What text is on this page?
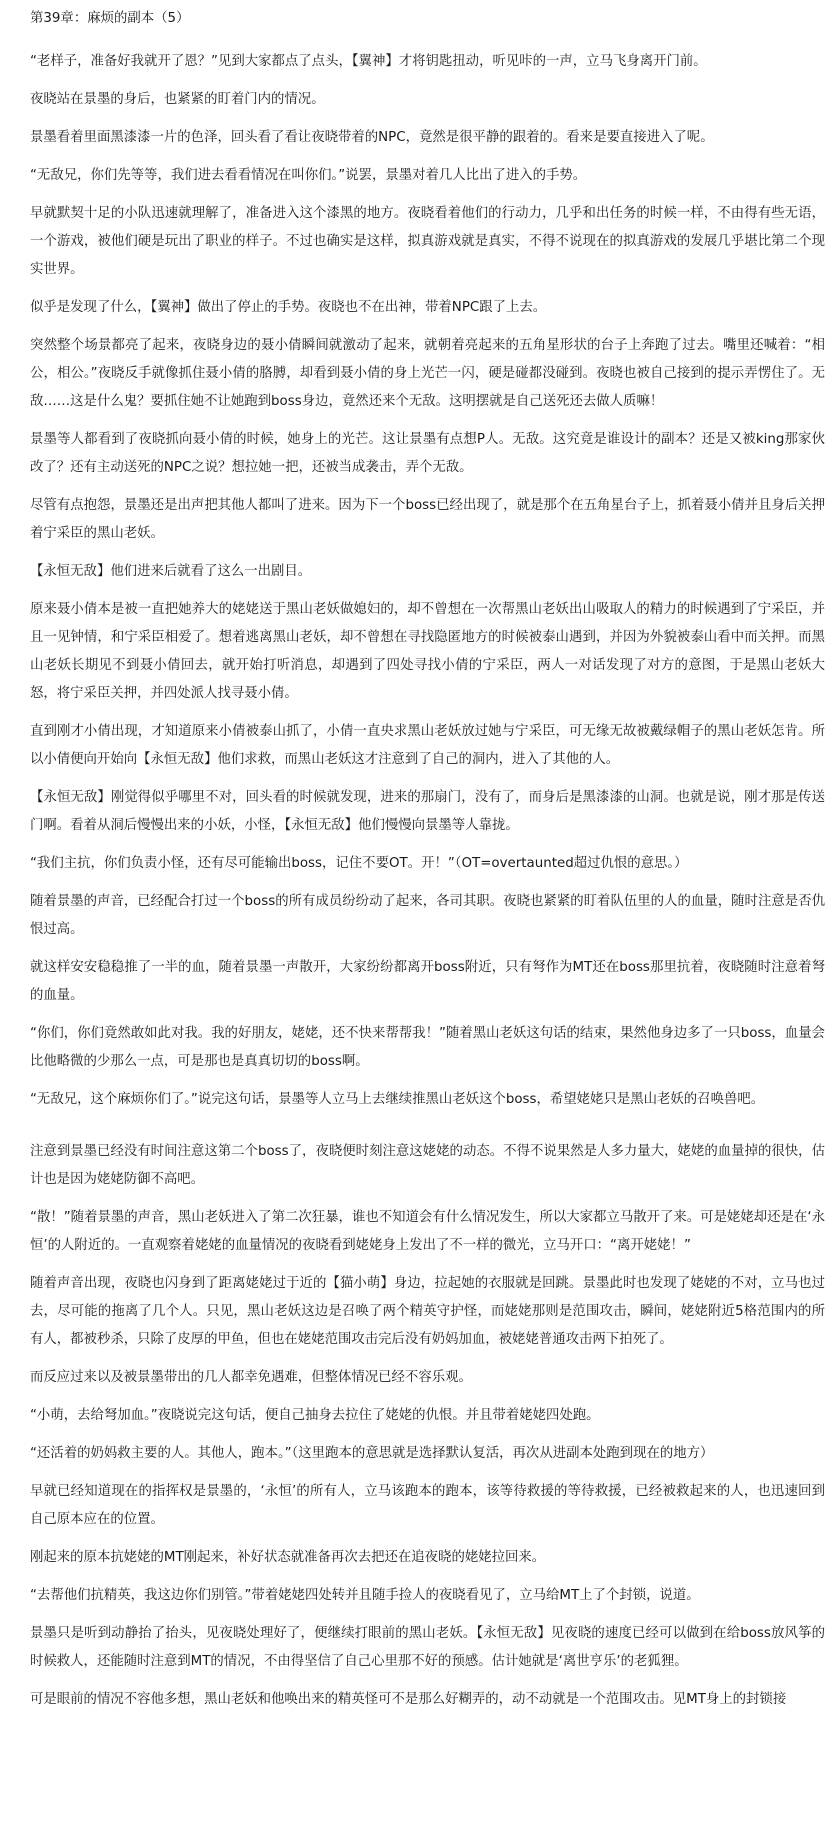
第39章：麻烦的副本（5）

“老样子，准备好我就开了恩？”见到大家都点了点头，【翼神】才将钥匙扭动，听见咔的一声，立马飞身离开门前。

夜晓站在景墨的身后，也紧紧的盯着门内的情况。

景墨看着里面黑漆漆一片的色泽，回头看了看让夜晓带着的NPC，竟然是很平静的跟着的。看来是要直接进入了呢。

“无敌兄，你们先等等，我们进去看看情况在叫你们。”说罢，景墨对着几人比出了进入的手势。

早就默契十足的小队迅速就理解了，准备进入这个漆黑的地方。夜晓看着他们的行动力，几乎和出任务的时候一样，不由得有些无语，一个游戏，被他们硬是玩出了职业的样子。不过也确实是这样，拟真游戏就是真实，不得不说现在的拟真游戏的发展几乎堪比第二个现实世界。

似乎是发现了什么，【翼神】做出了停止的手势。夜晓也不在出神，带着NPC跟了上去。

突然整个场景都亮了起来，夜晓身边的聂小倩瞬间就激动了起来，就朝着亮起来的五角星形状的台子上奔跑了过去。嘴里还喊着：“相公，相公。”夜晓反手就像抓住聂小倩的胳膊，却看到聂小倩的身上光芒一闪，硬是碰都没碰到。夜晓也被自己接到的提示弄愣住了。无敌……这是什么鬼？要抓住她不让她跑到boss身边，竟然还来个无敌。这明摆就是自己送死还去做人质嘛！

景墨等人都看到了夜晓抓向聂小倩的时候，她身上的光芒。这让景墨有点想P人。无敌。这究竟是谁设计的副本？还是又被king那家伙改了？还有主动送死的NPC之说？想拉她一把，还被当成袭击，弄个无敌。

尽管有点抱怨，景墨还是出声把其他人都叫了进来。因为下一个boss已经出现了，就是那个在五角星台子上，抓着聂小倩并且身后关押着宁采臣的黑山老妖。

【永恒无敌】他们进来后就看了这么一出剧目。

原来聂小倩本是被一直把她养大的姥姥送于黑山老妖做媳妇的，却不曾想在一次帮黑山老妖出山吸取人的精力的时候遇到了宁采臣，并且一见钟情，和宁采臣相爱了。想着逃离黑山老妖，却不曾想在寻找隐匿地方的时候被泰山遇到，并因为外貌被泰山看中而关押。而黑山老妖长期见不到聂小倩回去，就开始打听消息，却遇到了四处寻找小倩的宁采臣，两人一对话发现了对方的意图，于是黑山老妖大怒，将宁采臣关押，并四处派人找寻聂小倩。

直到刚才小倩出现，才知道原来小倩被泰山抓了，小倩一直央求黑山老妖放过她与宁采臣，可无缘无故被戴绿帽子的黑山老妖怎肯。所以小倩便向开始向【永恒无敌】他们求救，而黑山老妖这才注意到了自己的洞内，进入了其他的人。

【永恒无敌】刚觉得似乎哪里不对，回头看的时候就发现，进来的那扇门，没有了，而身后是黑漆漆的山洞。也就是说，刚才那是传送门啊。看着从洞后慢慢出来的小妖，小怪，【永恒无敌】他们慢慢向景墨等人靠拢。

“我们主抗，你们负责小怪，还有尽可能输出boss，记住不要OT。开！”（OT=overtaunted超过仇恨的意思。）

随着景墨的声音，已经配合打过一个boss的所有成员纷纷动了起来，各司其职。夜晓也紧紧的盯着队伍里的人的血量，随时注意是否仇恨过高。

就这样安安稳稳推了一半的血，随着景墨一声散开，大家纷纷都离开boss附近，只有弩作为MT还在boss那里抗着，夜晓随时注意着弩的血量。

“你们，你们竟然敢如此对我。我的好朋友，姥姥，还不快来帮帮我！”随着黑山老妖这句话的结束，果然他身边多了一只boss，血量会比他略微的少那么一点，可是那也是真真切切的boss啊。

“无敌兄，这个麻烦你们了。”说完这句话，景墨等人立马上去继续推黑山老妖这个boss，希望姥姥只是黑山老妖的召唤兽吧。

注意到景墨已经没有时间注意这第二个boss了，夜晓便时刻注意这姥姥的动态。不得不说果然是人多力量大，姥姥的血量掉的很快，估计也是因为姥姥防御不高吧。

“散！”随着景墨的声音，黑山老妖进入了第二次狂暴，谁也不知道会有什么情况发生，所以大家都立马散开了来。可是姥姥却还是在‘永恒’的人附近的。一直观察着姥姥的血量情况的夜晓看到姥姥身上发出了不一样的微光，立马开口：“离开姥姥！”

随着声音出现，夜晓也闪身到了距离姥姥过于近的【猫小萌】身边，拉起她的衣服就是回跳。景墨此时也发现了姥姥的不对，立马也过去，尽可能的拖离了几个人。只见，黑山老妖这边是召唤了两个精英守护怪，而姥姥那则是范围攻击，瞬间，姥姥附近5格范围内的所有人，都被秒杀，只除了皮厚的甲鱼，但也在姥姥范围攻击完后没有奶妈加血，被姥姥普通攻击两下拍死了。

而反应过来以及被景墨带出的几人都幸免遇难，但整体情况已经不容乐观。

“小萌，去给弩加血。”夜晓说完这句话，便自己抽身去拉住了姥姥的仇恨。并且带着姥姥四处跑。

“还活着的奶妈救主要的人。其他人，跑本。”（这里跑本的意思就是选择默认复活，再次从进副本处跑到现在的地方）

早就已经知道现在的指挥权是景墨的，‘永恒’的所有人，立马该跑本的跑本，该等待救援的等待救援，已经被救起来的人，也迅速回到自己原本应在的位置。

刚起来的原本抗姥姥的MT刚起来，补好状态就准备再次去把还在追夜晓的姥姥拉回来。

“去帮他们抗精英，我这边你们别管。”带着姥姥四处转并且随手捡人的夜晓看见了，立马给MT上了个封锁，说道。

景墨只是听到动静抬了抬头，见夜晓处理好了，便继续打眼前的黑山老妖。【永恒无敌】见夜晓的速度已经可以做到在给boss放风筝的时候救人，还能随时注意到MT的情况，不由得坚信了自己心里那不好的预感。估计她就是‘离世亨乐’的老狐狸。

可是眼前的情况不容他多想，黑山老妖和他唤出来的精英怪可不是那么好糊弄的，动不动就是一个范围攻击。见MT身上的封锁接
